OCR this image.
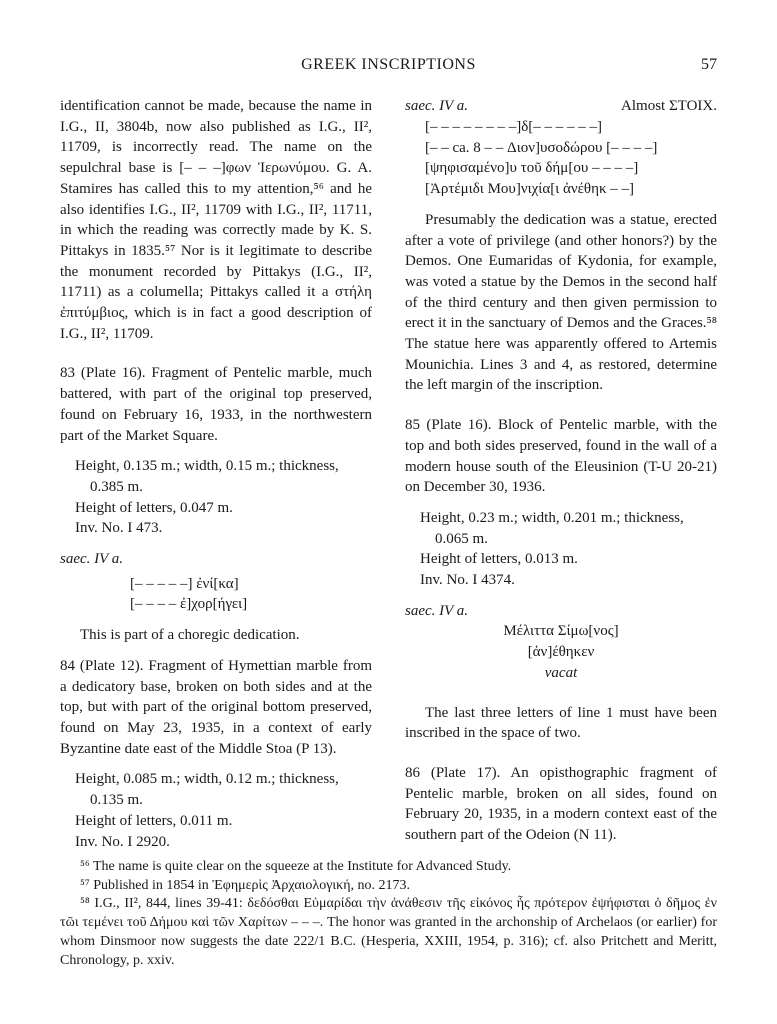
GREEK INSCRIPTIONS	57

identification cannot be made, because the name in I.G., II, 3804b, now also published as I.G., II², 11709, is incorrectly read. The name on the sepulchral base is [– – –]φων Ἱερωνύμου. G. A. Stamires has called this to my attention,⁵⁶ and he also identifies I.G., II², 11709 with I.G., II², 11711, in which the reading was correctly made by K. S. Pittakys in 1835.⁵⁷ Nor is it legitimate to describe the monument recorded by Pittakys (I.G., II², 11711) as a columella; Pittakys called it a στήλη ἐπιτύμβιος, which is in fact a good description of I.G., II², 11709.

83 (Plate 16). Fragment of Pentelic marble, much battered, with part of the original top preserved, found on February 16, 1933, in the northwestern part of the Market Square.

Height, 0.135 m.; width, 0.15 m.; thickness, 0.385 m.

Height of letters, 0.047 m.

Inv. No. I 473.

saec. IV a.

[– – – – –] ἐνί[κα]

[– – – – ἐ]χορ[ήγει]

This is part of a choregic dedication.

84 (Plate 12). Fragment of Hymettian marble from a dedicatory base, broken on both sides and at the top, but with part of the original bottom preserved, found on May 23, 1935, in a context of early Byzantine date east of the Middle Stoa (P 13).

Height, 0.085 m.; width, 0.12 m.; thickness, 0.135 m.

Height of letters, 0.011 m.

Inv. No. I 2920.

saec. IV a.	Almost ΣΤΟΙΧ.

[– – – – – – – –]δ[– – – – – –]

[– – ca. 8 – – Διον]υσοδώρου [– – – –]

[ψηφισαμένο]υ τοῦ δήμ[ου – – – –]

[Ἀρτέμιδι Μου]νιχία[ι ἀνέθηκ – –]

Presumably the dedication was a statue, erected after a vote of privilege (and other honors?) by the Demos. One Eumaridas of Kydonia, for example, was voted a statue by the Demos in the second half of the third century and then given permission to erect it in the sanctuary of Demos and the Graces.⁵⁸ The statue here was apparently offered to Artemis Mounichia. Lines 3 and 4, as restored, determine the left margin of the inscription.

85 (Plate 16). Block of Pentelic marble, with the top and both sides preserved, found in the wall of a modern house south of the Eleusinion (T-U 20-21) on December 30, 1936.

Height, 0.23 m.; width, 0.201 m.; thickness, 0.065 m.

Height of letters, 0.013 m.

Inv. No. I 4374.

saec. IV a.

Μέλιττα Σίμω[νος]

[ἀν]έθηκεν

vacat

The last three letters of line 1 must have been inscribed in the space of two.

86 (Plate 17). An opisthographic fragment of Pentelic marble, broken on all sides, found on February 20, 1935, in a modern context east of the southern part of the Odeion (N 11).

⁵⁶ The name is quite clear on the squeeze at the Institute for Advanced Study.

⁵⁷ Published in 1854 in Ἐφημερὶς Ἀρχαιολογική, no. 2173.

⁵⁸ I.G., II², 844, lines 39-41: δεδόσθαι Εὐμαρίδαι τὴν ἀνάθεσιν τῆς εἰκόνος ἧς πρότερον ἐψήφισται ὁ δῆμος ἐν τῶι τεμένει τοῦ Δήμου καὶ τῶν Χαρίτων – – –. The honor was granted in the archonship of Archelaos (or earlier) for whom Dinsmoor now suggests the date 222/1 B.C. (Hesperia, XXIII, 1954, p. 316); cf. also Pritchett and Meritt, Chronology, p. xxiv.
